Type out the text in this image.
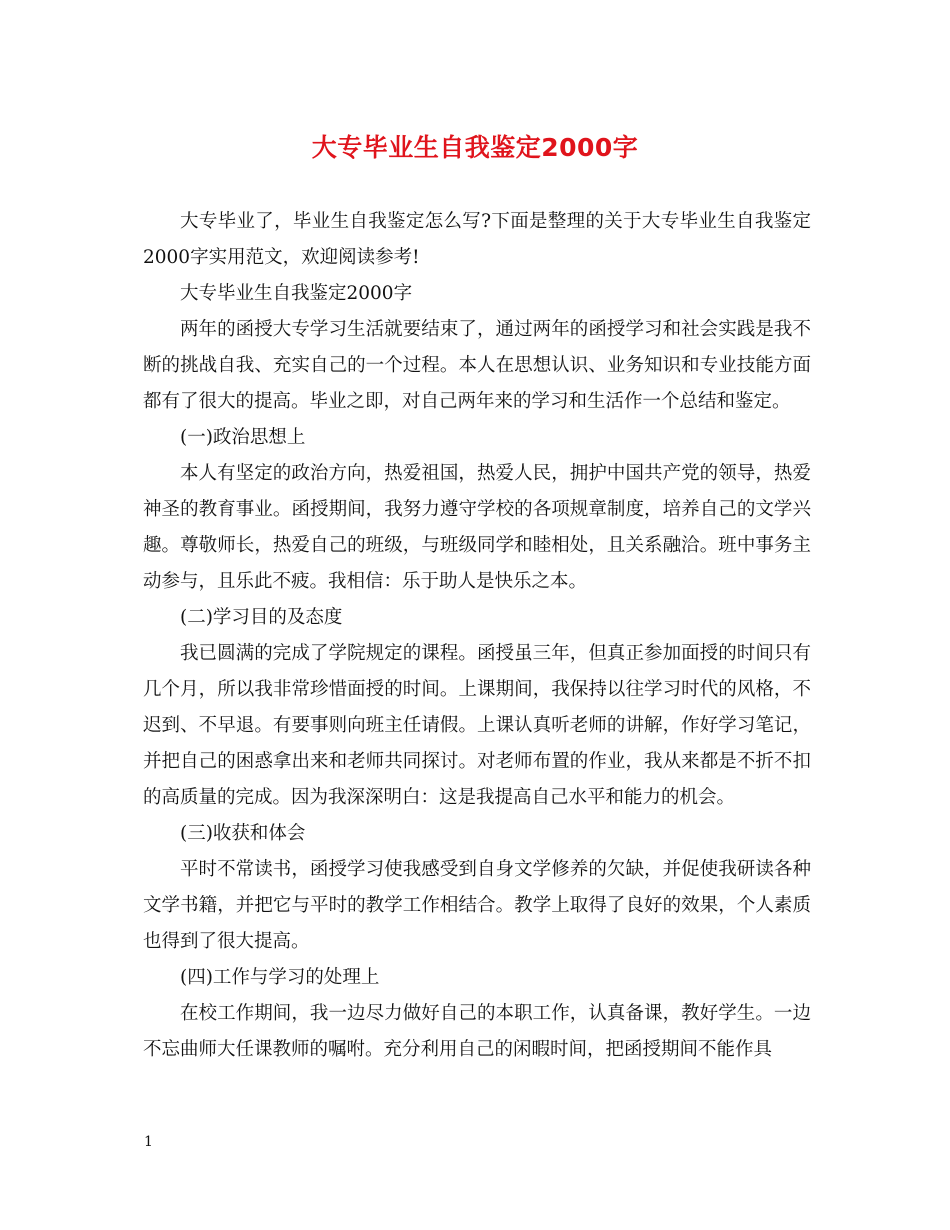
大专毕业生自我鉴定2000字

大专毕业了，毕业生自我鉴定怎么写?下面是整理的关于大专毕业生自我鉴定2000字实用范文，欢迎阅读参考!

大专毕业生自我鉴定2000字

两年的函授大专学习生活就要结束了，通过两年的函授学习和社会实践是我不断的挑战自我、充实自己的一个过程。本人在思想认识、业务知识和专业技能方面都有了很大的提高。毕业之即，对自己两年来的学习和生活作一个总结和鉴定。

(一)政治思想上

本人有坚定的政治方向，热爱祖国，热爱人民，拥护中国共产党的领导，热爱神圣的教育事业。函授期间，我努力遵守学校的各项规章制度，培养自己的文学兴趣。尊敬师长，热爱自己的班级，与班级同学和睦相处，且关系融洽。班中事务主动参与，且乐此不疲。我相信：乐于助人是快乐之本。

(二)学习目的及态度

我已圆满的完成了学院规定的课程。函授虽三年，但真正参加面授的时间只有几个月，所以我非常珍惜面授的时间。上课期间，我保持以往学习时代的风格，不迟到、不早退。有要事则向班主任请假。上课认真听老师的讲解，作好学习笔记，并把自己的困惑拿出来和老师共同探讨。对老师布置的作业，我从来都是不折不扣的高质量的完成。因为我深深明白：这是我提高自己水平和能力的机会。

(三)收获和体会

平时不常读书，函授学习使我感受到自身文学修养的欠缺，并促使我研读各种文学书籍，并把它与平时的教学工作相结合。教学上取得了良好的效果，个人素质也得到了很大提高。

(四)工作与学习的处理上

在校工作期间，我一边尽力做好自己的本职工作，认真备课，教好学生。一边不忘曲师大任课教师的嘱咐。充分利用自己的闲暇时间，把函授期间不能作具

1
